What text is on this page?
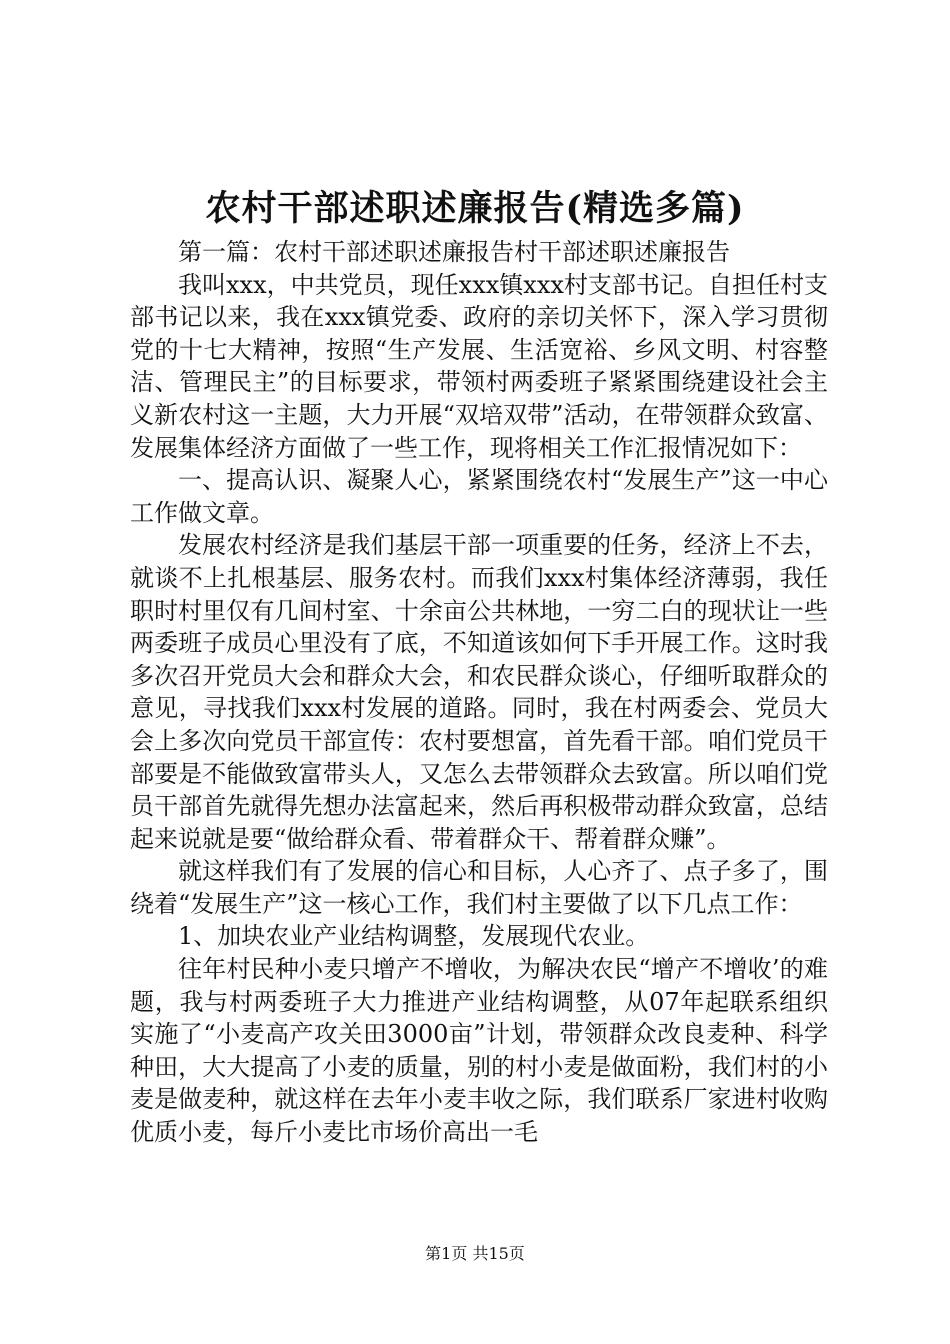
农村干部述职述廉报告(精选多篇)

第一篇：农村干部述职述廉报告村干部述职述廉报告

我叫xxx，中共党员，现任xxx镇xxx村支部书记。自担任村支部书记以来，我在xxx镇党委、政府的亲切关怀下，深入学习贯彻党的十七大精神，按照“生产发展、生活宽裕、乡风文明、村容整洁、管理民主”的目标要求，带领村两委班子紧紧围绕建设社会主义新农村这一主题，大力开展“双培双带”活动，在带领群众致富、发展集体经济方面做了一些工作，现将相关工作汇报情况如下：

一、提高认识、凝聚人心，紧紧围绕农村“发展生产”这一中心工作做文章。

发展农村经济是我们基层干部一项重要的任务，经济上不去，就谈不上扎根基层、服务农村。而我们xxx村集体经济薄弱，我任职时村里仅有几间村室、十余亩公共林地，一穷二白的现状让一些两委班子成员心里没有了底，不知道该如何下手开展工作。这时我多次召开党员大会和群众大会，和农民群众谈心，仔细听取群众的意见，寻找我们xxx村发展的道路。同时，我在村两委会、党员大会上多次向党员干部宣传：农村要想富，首先看干部。咱们党员干部要是不能做致富带头人，又怎么去带领群众去致富。所以咱们党员干部首先就得先想办法富起来，然后再积极带动群众致富，总结起来说就是要“做给群众看、带着群众干、帮着群众赚”。

就这样我们有了发展的信心和目标，人心齐了、点子多了，围绕着“发展生产”这一核心工作，我们村主要做了以下几点工作：

1、加块农业产业结构调整，发展现代农业。

往年村民种小麦只增产不增收，为解决农民“增产不增收’的难题，我与村两委班子大力推进产业结构调整，从07年起联系组织实施了“小麦高产攻关田3000亩”计划，带领群众改良麦种、科学种田，大大提高了小麦的质量，别的村小麦是做面粉，我们村的小麦是做麦种，就这样在去年小麦丰收之际，我们联系厂家进村收购优质小麦，每斤小麦比市场价高出一毛

第1页 共15页
